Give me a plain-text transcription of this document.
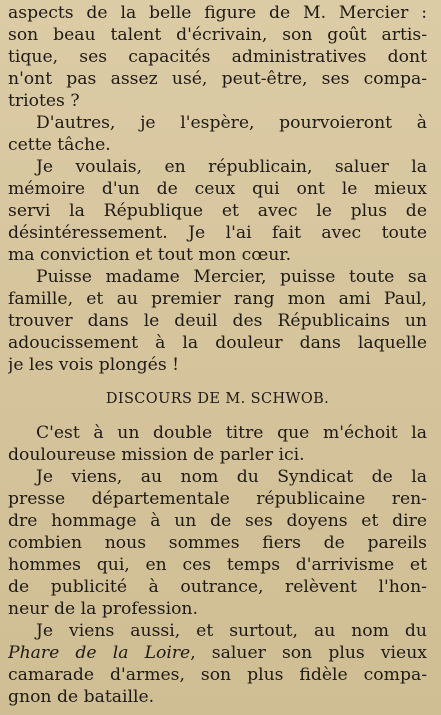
aspects de la belle figure de M. Mercier :
son beau talent d'écrivain, son goût artis-
tique, ses capacités administratives dont
n'ont pas assez usé, peut-être, ses compa-
triotes ?
D'autres, je l'espère, pourvoieront à
cette tâche.
Je voulais, en républicain, saluer la
mémoire d'un de ceux qui ont le mieux
servi la République et avec le plus de
désintéressement. Je l'ai fait avec toute
ma conviction et tout mon cœur.
Puisse madame Mercier, puisse toute sa
famille, et au premier rang mon ami Paul,
trouver dans le deuil des Républicains un
adoucissement à la douleur dans laquelle
je les vois plongés !
DISCOURS DE M. SCHWOB.
C'est à un double titre que m'échoit la
douloureuse mission de parler ici.
Je viens, au nom du Syndicat de la
presse départementale républicaine ren-
dre hommage à un de ses doyens et dire
combien nous sommes fiers de pareils
hommes qui, en ces temps d'arrivisme et
de publicité à outrance, relèvent l'hon-
neur de la profession.
Je viens aussi, et surtout, au nom du
Phare de la Loire, saluer son plus vieux
camarade d'armes, son plus fidèle compa-
gnon de bataille.
